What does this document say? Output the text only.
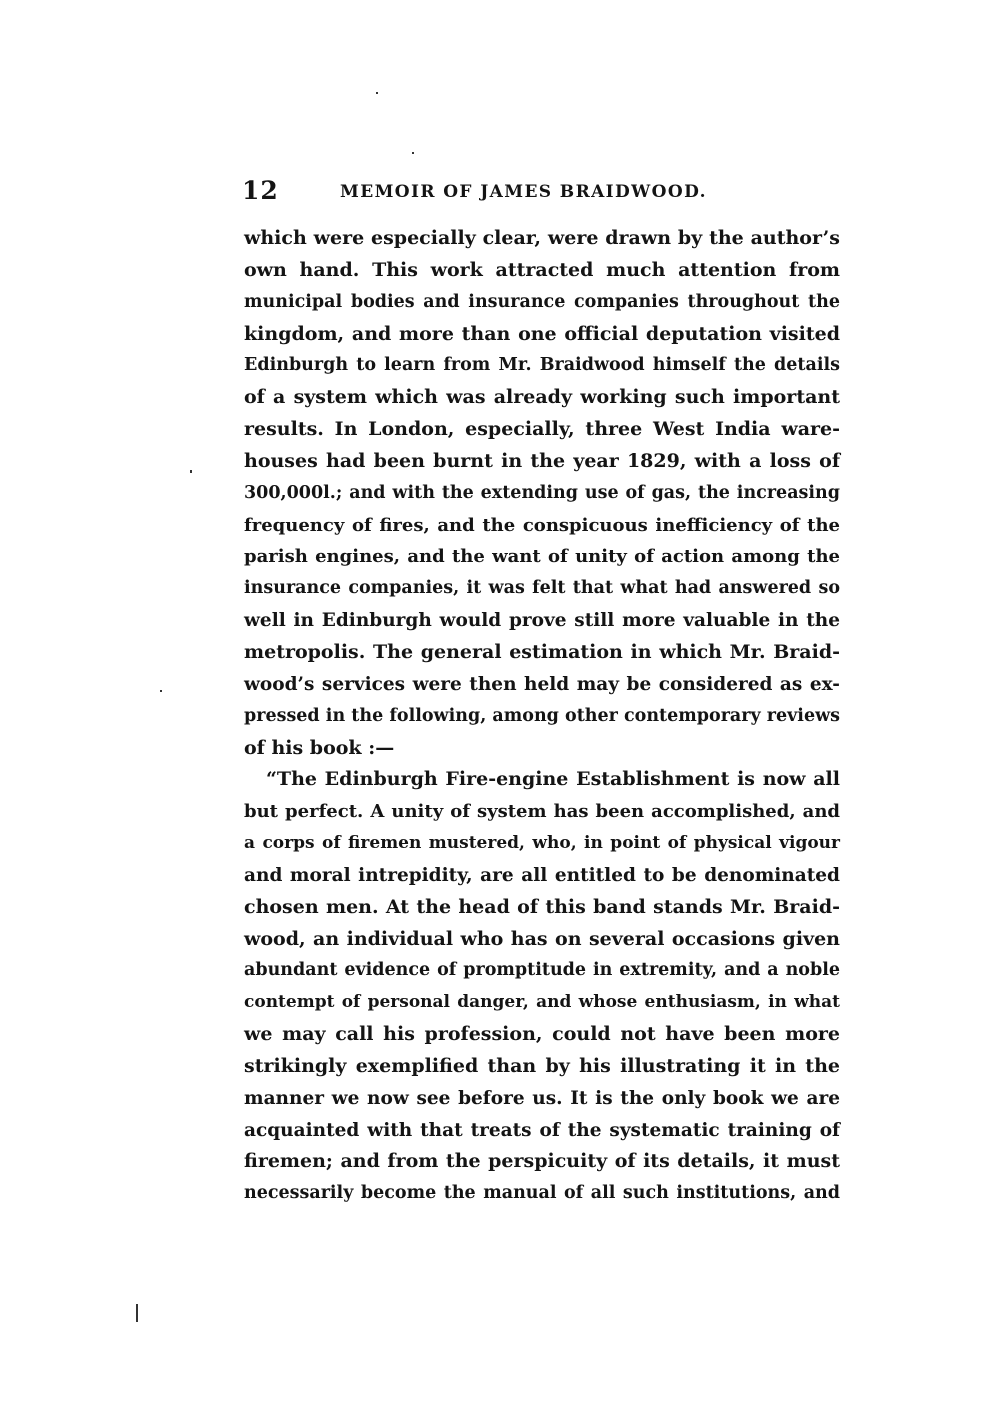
12	MEMOIR OF JAMES BRAIDWOOD.
which were especially clear, were drawn by the author’s
own hand. This work attracted much attention from
municipal bodies and insurance companies throughout the
kingdom, and more than one official deputation visited
Edinburgh to learn from Mr. Braidwood himself the details
of a system which was already working such important
results. In London, especially, three West India ware-
houses had been burnt in the year 1829, with a loss of
300,000l.; and with the extending use of gas, the increasing
frequency of fires, and the conspicuous inefficiency of the
parish engines, and the want of unity of action among the
insurance companies, it was felt that what had answered so
well in Edinburgh would prove still more valuable in the
metropolis. The general estimation in which Mr. Braid-
wood’s services were then held may be considered as ex-
pressed in the following, among other contemporary reviews
of his book :—
“The Edinburgh Fire-engine Establishment is now all
but perfect. A unity of system has been accomplished, and
a corps of firemen mustered, who, in point of physical vigour
and moral intrepidity, are all entitled to be denominated
chosen men. At the head of this band stands Mr. Braid-
wood, an individual who has on several occasions given
abundant evidence of promptitude in extremity, and a noble
contempt of personal danger, and whose enthusiasm, in what
we may call his profession, could not have been more
strikingly exemplified than by his illustrating it in the
manner we now see before us. It is the only book we are
acquainted with that treats of the systematic training of
firemen; and from the perspicuity of its details, it must
necessarily become the manual of all such institutions, and
